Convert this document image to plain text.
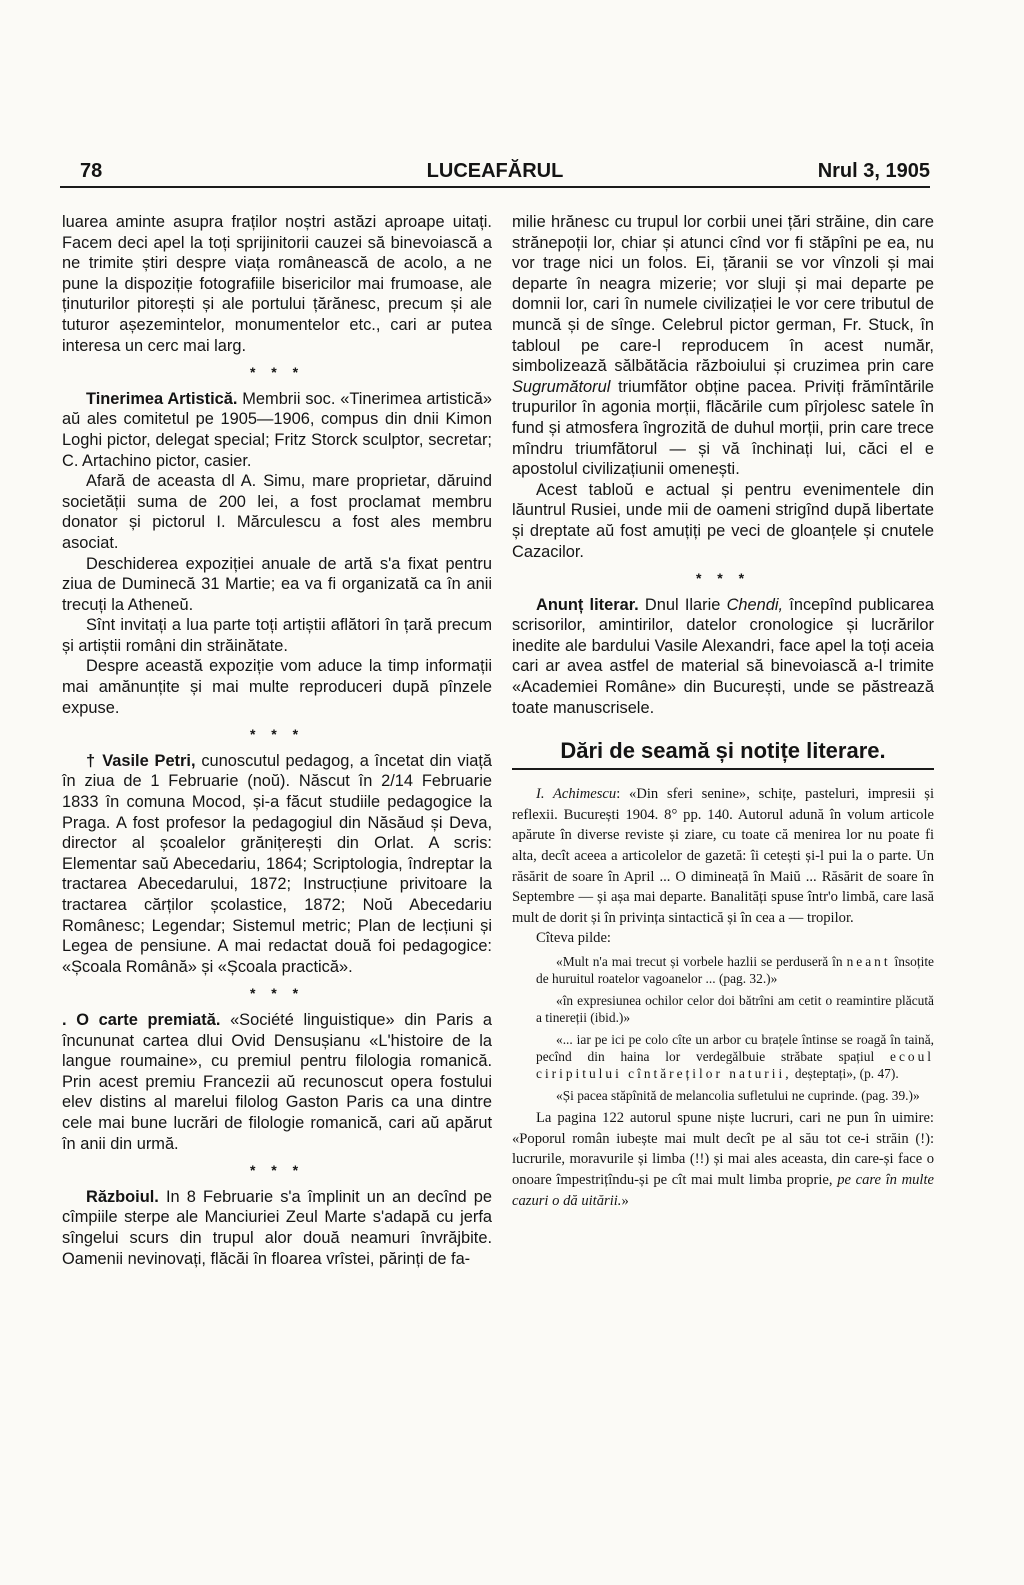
78	LUCEAFĂRUL	Nrul 3, 1905

luarea aminte asupra fraților noștri astăzi aproape uitați. Facem deci apel la toți sprijinitorii cauzei să binevoiască a ne trimite știri despre viața românească de acolo, a ne pune la dispoziție fotografiile bisericilor mai frumoase, ale ținuturilor pitorești și ale portului țărănesc, precum și ale tuturor așezemintelor, monumentelor etc., cari ar putea interesa un cerc mai larg.

* * *

Tinerimea Artistică. Membrii soc. «Tinerimea artistică» aŭ ales comitetul pe 1905—1906, compus din dnii Kimon Loghi pictor, delegat special; Fritz Storck sculptor, secretar; C. Artachino pictor, casier.

Afară de aceasta dl A. Simu, mare proprietar, dăruind societății suma de 200 lei, a fost proclamat membru donator și pictorul I. Mărculescu a fost ales membru asociat.

Deschiderea expoziției anuale de artă s'a fixat pentru ziua de Duminecă 31 Martie; ea va fi organizată ca în anii trecuți la Atheneŭ.

Sînt invitați a lua parte toți artiștii aflători în țară precum și artiștii români din străinătate.

Despre această expoziție vom aduce la timp informații mai amănunțite și mai multe reproduceri după pînzele expuse.

* * *

† Vasile Petri, cunoscutul pedagog, a încetat din viață în ziua de 1 Februarie (noŭ). Născut în 2/14 Februarie 1833 în comuna Mocod, și-a făcut studiile pedagogice la Praga. A fost profesor la pedagogiul din Năsăud și Deva, director al școalelor grănițerești din Orlat. A scris: Elementar saŭ Abecedariu, 1864; Scriptologia, îndreptar la tractarea Abecedarului, 1872; Instrucțiune privitoare la tractarea cărților școlastice, 1872; Noŭ Abecedariu Românesc; Legendar; Sistemul metric; Plan de lecțiuni și Legea de pensiune. A mai redactat două foi pedagogice: «Școala Română» și «Școala practică».

* * *

. O carte premiată. «Société linguistique» din Paris a încununat cartea dlui Ovid Densușianu «L'histoire de la langue roumaine», cu premiul pentru filologia romanică. Prin acest premiu Francezii aŭ recunoscut opera fostului elev distins al marelui filolog Gaston Paris ca una dintre cele mai bune lucrări de filologie romanică, cari aŭ apărut în anii din urmă.

* * *

Războiul. In 8 Februarie s'a împlinit un an decînd pe cîmpiile sterpe ale Manciuriei Zeul Marte s'adapă cu jerfa sîngelui scurs din trupul alor două neamuri învrăjbite. Oamenii nevinovați, flăcăi în floarea vrîstei, părinți de fa-

milie hrănesc cu trupul lor corbii unei țări străine, din care strănepoții lor, chiar și atunci cînd vor fi stăpîni pe ea, nu vor trage nici un folos. Ei, țăranii se vor vînzoli și mai departe în neagra mizerie; vor sluji și mai departe pe domnii lor, cari în numele civilizației le vor cere tributul de muncă și de sînge. Celebrul pictor german, Fr. Stuck, în tabloul pe care-l reproducem în acest număr, simbolizează sălbătăcia războiului și cruzimea prin care Sugrumătorul triumfător obține pacea. Priviți frămîntările trupurilor în agonia morții, flăcările cum pîrjolesc satele în fund și atmosfera îngrozită de duhul morții, prin care trece mîndru triumfătorul — și vă închinați lui, căci el e apostolul civilizațiunii omenești.

Acest tabloŭ e actual și pentru evenimentele din lăuntrul Rusiei, unde mii de oameni strigînd după libertate și dreptate aŭ fost amuțiți pe veci de gloanțele și cnutele Cazacilor.

* * *

Anunț literar. Dnul Ilarie Chendi, începînd publicarea scrisorilor, amintirilor, datelor cronologice și lucrărilor inedite ale bardului Vasile Alexandri, face apel la toți aceia cari ar avea astfel de material să binevoiască a-l trimite «Academiei Române» din București, unde se păstrează toate manuscrisele.

Dări de seamă și notițe literare.

I. Achimescu: «Din sferi senine», schițe, pasteluri, impresii și reflexii. București 1904. 8° pp. 140. Autorul adună în volum articole apărute în diverse reviste și ziare, cu toate că menirea lor nu poate fi alta, decît aceea a articolelor de gazetă: îi cetești și-l pui la o parte. Un răsărit de soare în April ... O dimineață în Maiŭ ... Răsărit de soare în Septembre — și așa mai departe. Banalități spuse într'o limbă, care lasă mult de dorit și în privința sintactică și în cea a — tropilor.

Cîteva pilde:

«Mult n'a mai trecut și vorbele hazlii se perduseră în neant însoțite de huruitul roatelor vagoanelor ... (pag. 32.)»

«în expresiunea ochilor celor doi bătrîni am cetit o reamintire plăcută a tinereții (ibid.)»

«... iar pe ici pe colo cîte un arbor cu brațele întinse se roagă în taină, pecînd din haina lor verdegălbuie străbate spațiul ecoul ciripitului cîntăreților naturii, deșteptați», (p. 47).

«Și pacea stăpînită de melancolia sufletului ne cuprinde. (pag. 39.)»

La pagina 122 autorul spune niște lucruri, cari ne pun în uimire: «Poporul român iubește mai mult decît pe al său tot ce-i străin (!): lucrurile, moravurile și limba (!!) și mai ales aceasta, din care-și face o onoare împestrițîndu-și pe cît mai mult limba proprie, pe care în multe cazuri o dă uitării.»
